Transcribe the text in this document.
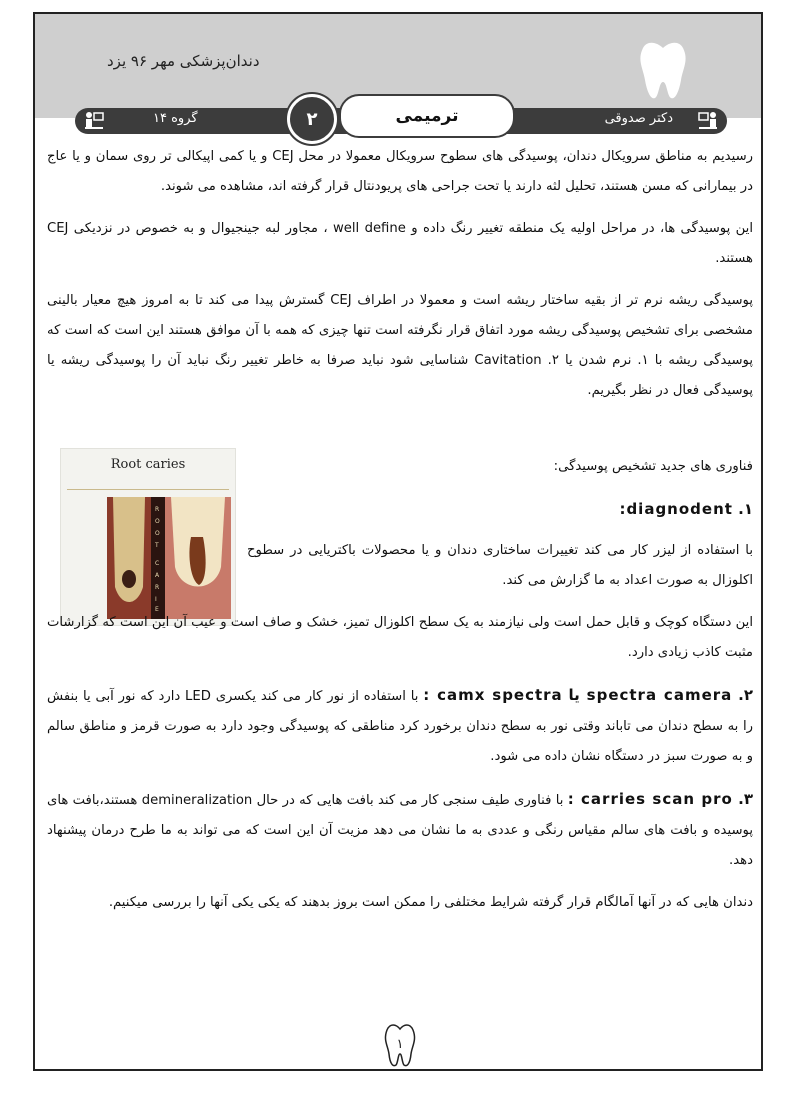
دندان‌پزشکی مهر ۹۶ یزد
گروه ۱۴	دکتر صدوقی
۲	ترمیمی
Root caries
R
O
O
T
C
A
R
I
E

رسیدیم به مناطق سرویکال دندان، پوسیدگی های سطوح سرویکال معمولا در محل CEJ و یا کمی اپیکالی تر روی سمان و یا عاج در بیمارانی که مسن هستند، تحلیل لثه دارند یا تحت جراحی های پریودنتال قرار گرفته اند، مشاهده می شوند.

این پوسیدگی ها، در مراحل اولیه یک منطقه تغییر رنگ داده و well define ، مجاور لبه جینجیوال و به خصوص در نزدیکی CEJ هستند.

پوسیدگی ریشه نرم تر از بقیه ساختار ریشه است و معمولا در اطراف CEJ گسترش پیدا می کند تا به امروز هیچ معیار بالینی مشخصی برای تشخیص پوسیدگی ریشه مورد اتفاق قرار نگرفته است تنها چیزی که همه با آن موافق هستند این است که است که پوسیدگی ریشه با ۱. نرم شدن یا ۲. Cavitation شناسایی شود نباید صرفا به خاطر تغییر رنگ نباید آن را پوسیدگی ریشه یا پوسیدگی فعال در نظر بگیریم.

فناوری های جدید تشخیص پوسیدگی:

۱. diagnodent:

با استفاده از لیزر کار می کند تغییرات ساختاری دندان و یا محصولات باکتریایی در سطوح اکلوزال به صورت اعداد به ما گزارش می کند.

این دستگاه کوچک و قابل حمل است ولی نیازمند به یک سطح اکلوزال تمیز، خشک و صاف است و عیب آن این است که گزارشات مثبت کاذب زیادی دارد.

۲. spectra camera یا camx spectra : با استفاده از نور کار می کند یکسری LED دارد که نور آبی یا بنفش را به سطح دندان می تاباند وقتی نور به سطح دندان برخورد کرد مناطقی که پوسیدگی وجود دارد به صورت قرمز و مناطق سالم و به صورت سبز در دستگاه نشان داده می شود.

۳. carries scan pro : با فناوری طیف سنجی کار می کند بافت هایی که در حال demineralization هستند،بافت های پوسیده و بافت های سالم مقیاس رنگی و عددی به ما نشان می دهد مزیت آن این است که می تواند به ما طرح درمان پیشنهاد دهد.

دندان هایی که در آنها آمالگام قرار گرفته شرایط مختلفی را ممکن است بروز بدهند که یکی یکی آنها را بررسی میکنیم.

۱
